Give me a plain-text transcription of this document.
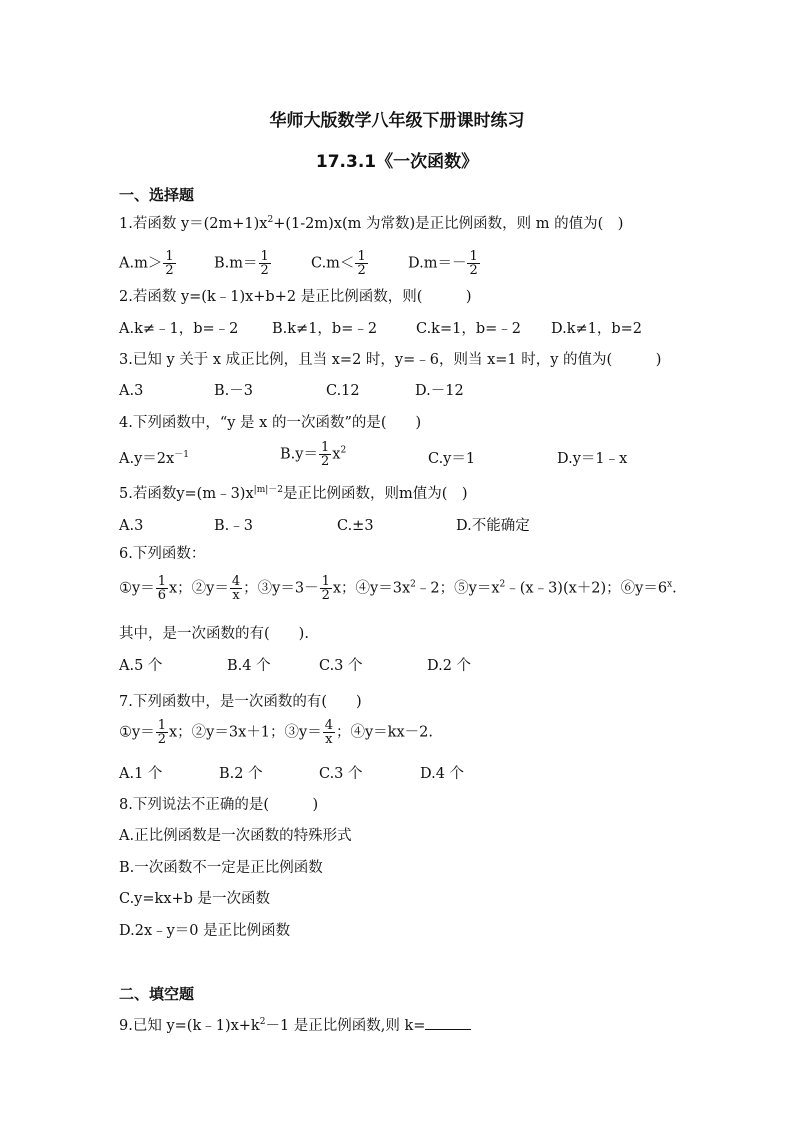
华师大版数学八年级下册课时练习
17.3.1《一次函数》
一、选择题
1.若函数 $y=(2m+1)x^2+(1-2m)x(m$ 为常数)是正比例函数，则 m 的值为(　)
$A.m> \frac{1}{2}$	$B.m= \frac{1}{2}$	$C.m< \frac{1}{2}$	$D.m=- \frac{1}{2}$
2.若函数 y=(k﹣1)x+b+2 是正比例函数，则(　　　)
A.k≠﹣1，b=﹣2 B.k≠1，b=﹣2	C.k=1，b=﹣2 D.k≠1，b=2
3.已知 y 关于 x 成正比例，且当 x=2 时，y=﹣6，则当 x=1 时，y 的值为(　　　)
A.3	B.－3	C.12	D.－12
4.下列函数中，“y 是 x 的一次函数”的是(　　)
$A.y=2x^{-1}$	$B.y= \frac{1}{2} x^2$
C.y＝1	D.y＝1﹣x
5.若函数$y=(m﹣3)x^{|m|-2}$是正比例函数，则m值为(　)
A.3	B.﹣3	C.±3	D.不能确定
6.下列函数：
①y＝ $\frac{1}{6}$ x；②y＝ $\frac{4}{x}$ ；③y＝3－ $\frac{1}{2}$ x；$④y=3x^2﹣2$；$⑤y=x^2﹣(x﹣3)(x+2)$；$⑥y=6^x$.
其中，是一次函数的有(　　).
A.5 个	B.4 个	C.3 个	D.2 个
7.下列函数中，是一次函数的有(　　)
①y＝ $\frac{1}{2}$ x；②y＝3x＋1；③y＝ $\frac{4}{x}$ ；④y＝kx－2.
A.1 个	B.2 个	C.3 个	D.4 个
8.下列说法不正确的是(　　　)
A.正比例函数是一次函数的特殊形式
B.一次函数不一定是正比例函数
C.y=kx+b 是一次函数
D.2x﹣y＝0 是正比例函数
二、填空题
9.已知 $y=(k﹣1)x+k^2-1$ 是正比例函数,则 k=
